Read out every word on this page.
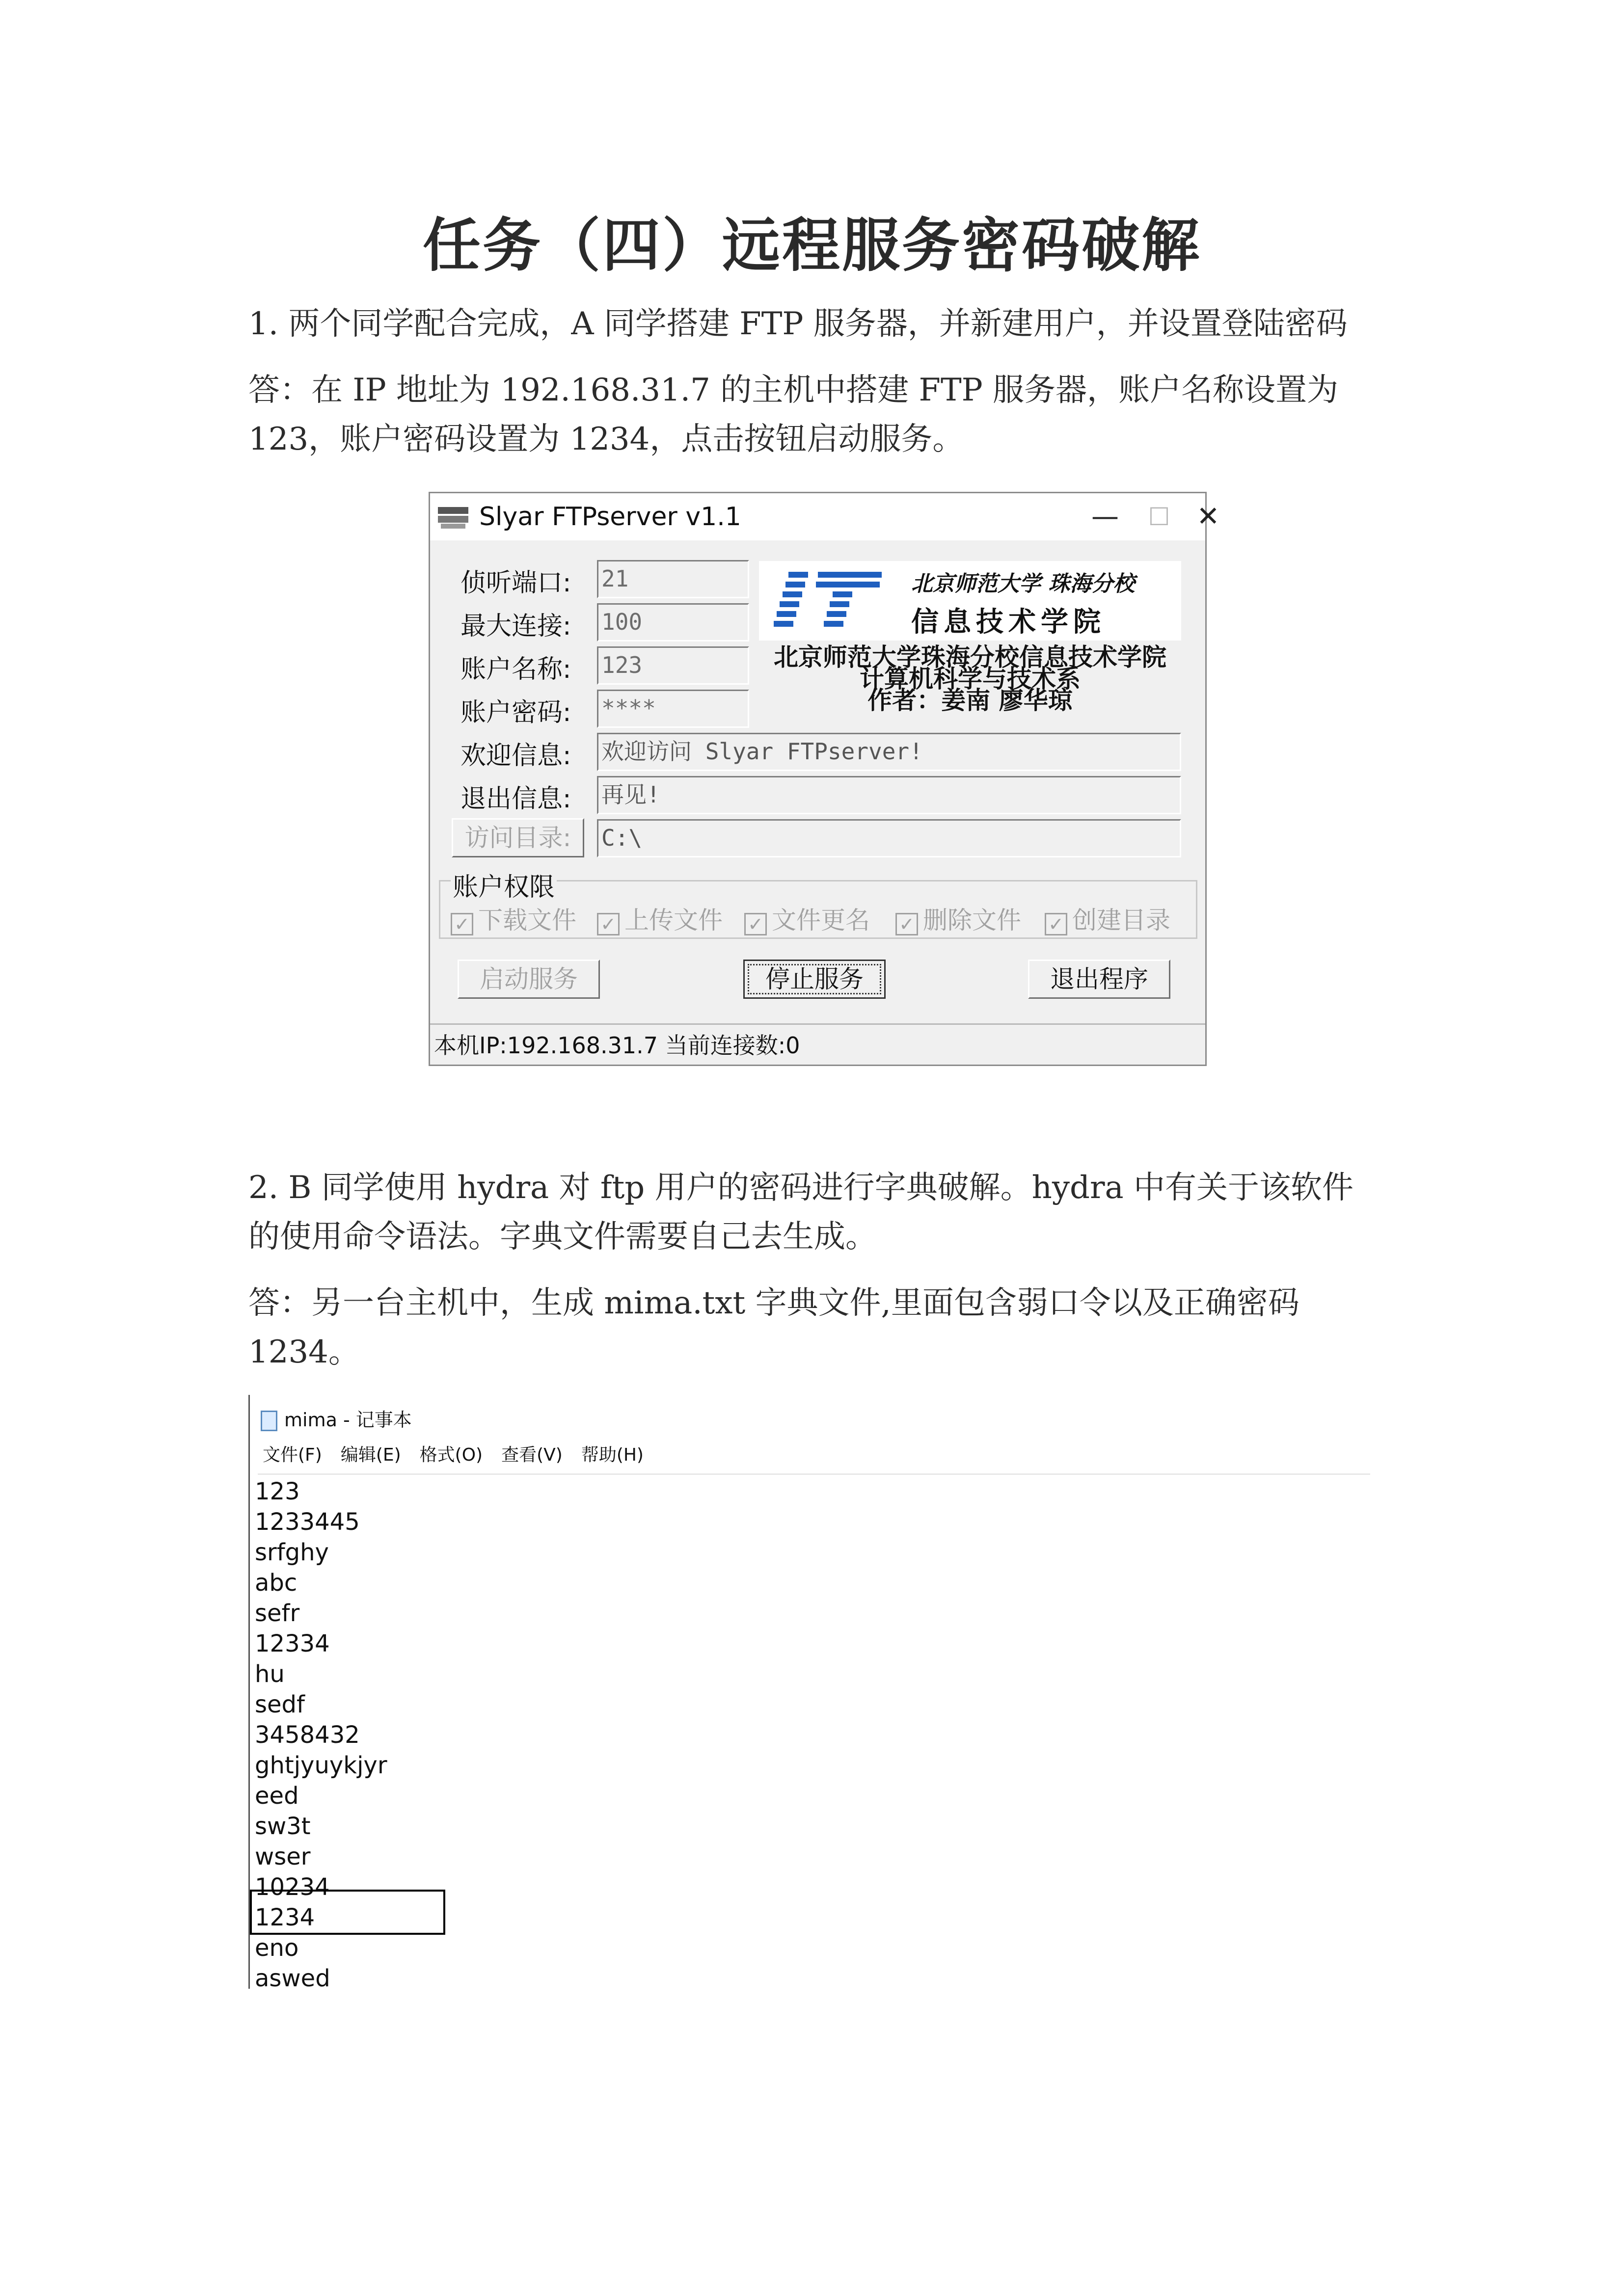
任务（四）远程服务密码破解
1. 两个同学配合完成，A 同学搭建 FTP 服务器，并新建用户，并设置登陆密码
答：在 IP 地址为 192.168.31.7 的主机中搭建 FTP 服务器，账户名称设置为
123，账户密码设置为 1234，点击按钮启动服务。
Slyar FTPserver v1.1	—	☐ ✕
侦听端口: 21
最大连接: 100
账户名称: 123
账户密码: ****
北京师范大学 珠海分校
信息技术学院
北京师范大学珠海分校信息技术学院
计算机科学与技术系
作者：姜南 廖华琼
欢迎信息: 欢迎访问 Slyar FTPserver!
退出信息: 再见!
访问目录:	C:\
账户权限
✓ 下载文件 ✓ 上传文件 ✓ 文件更名 ✓ 删除文件 ✓ 创建目录
启动服务	停止服务	退出程序
本机IP:192.168.31.7 当前连接数:0
2. B 同学使用 hydra 对 ftp 用户的密码进行字典破解。hydra 中有关于该软件
的使用命令语法。字典文件需要自己去生成。
答：另一台主机中，生成 mima.txt 字典文件,里面包含弱口令以及正确密码
1234。
mima - 记事本
文件(F) 编辑(E) 格式(O) 查看(V) 帮助(H)
123
1233445
srfghy
abc
sefr
12334
hu
sedf
3458432
ghtjyuykjyr
eed
sw3t
wser
10234
1234
eno
aswed
